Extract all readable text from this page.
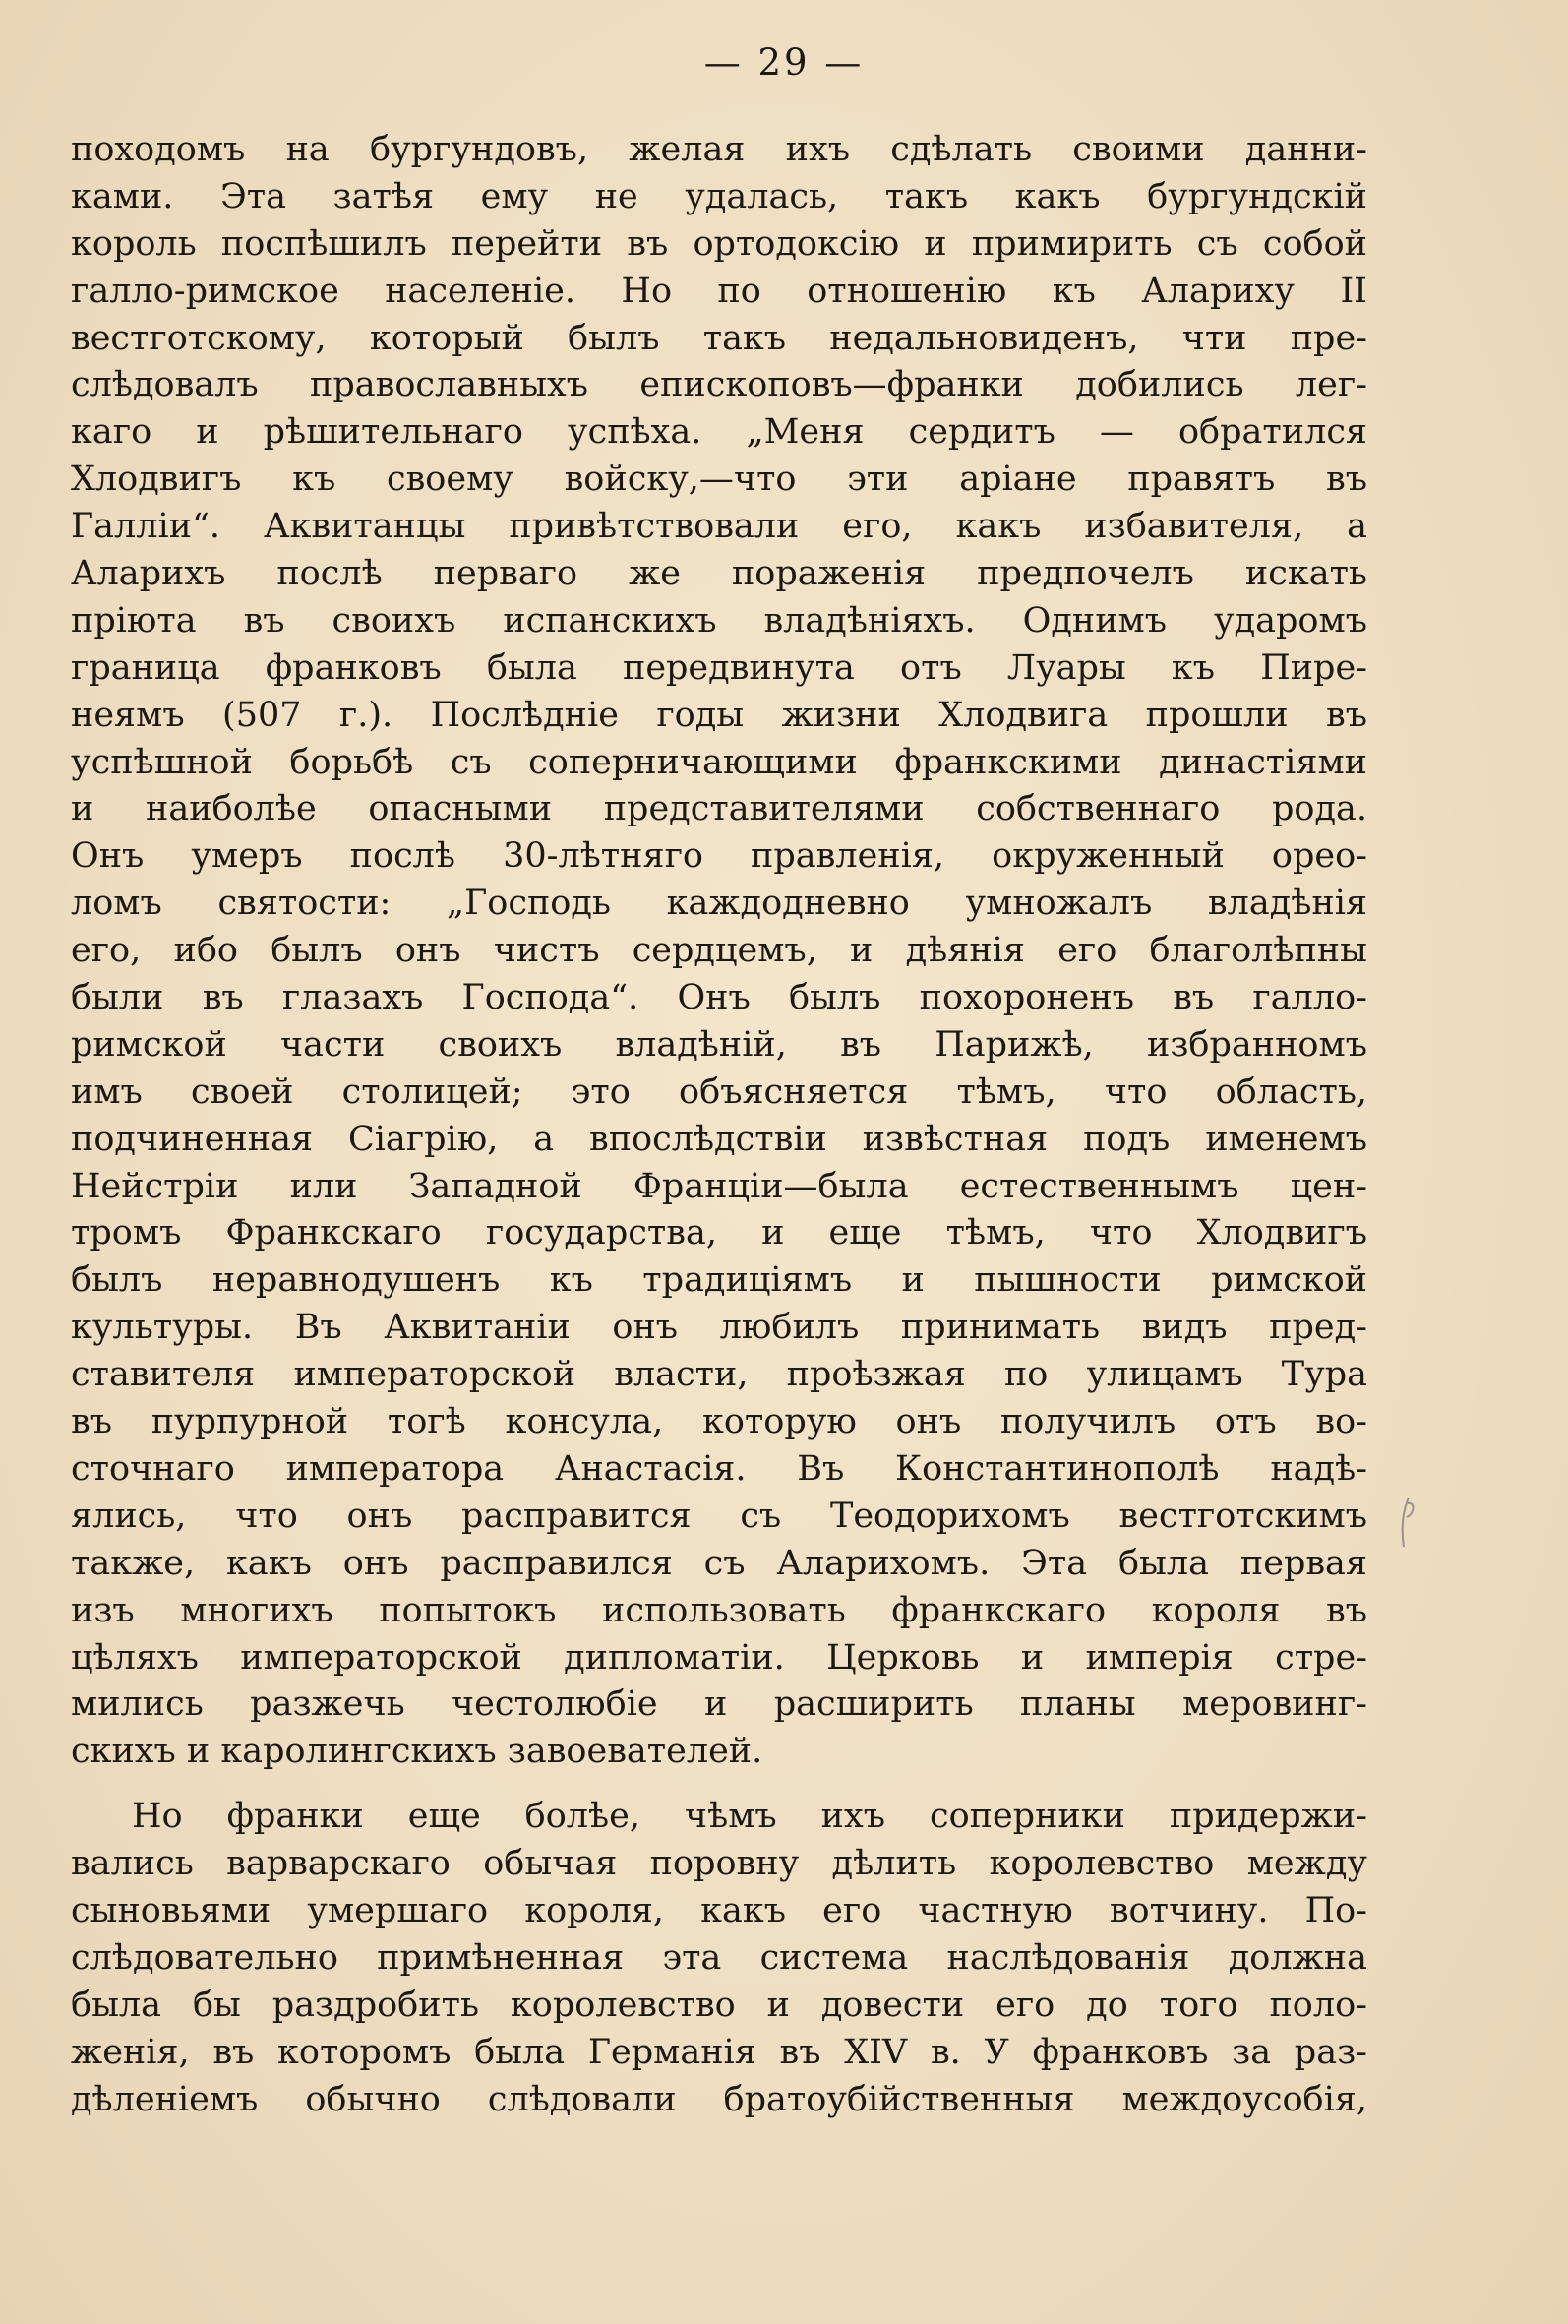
— 29 —

походомъ на бургундовъ, желая ихъ сдѣлать своими данни-
ками. Эта затѣя ему не удалась, такъ какъ бургундскій
король поспѣшилъ перейти въ ортодоксію и примирить съ собой
галло-римское населеніе. Но по отношенію къ Алариху II
вестготскому, который былъ такъ недальновиденъ, чти пре-
слѣдовалъ православныхъ епископовъ—франки добились лег-
каго и рѣшительнаго успѣха. „Меня сердитъ — обратился
Хлодвигъ къ своему войску,—что эти аріане правятъ въ
Галліи“. Аквитанцы привѣтствовали его, какъ избавителя, а
Аларихъ послѣ перваго же пораженія предпочелъ искать
пріюта въ своихъ испанскихъ владѣніяхъ. Однимъ ударомъ
граница франковъ была передвинута отъ Луары къ Пире-
неямъ (507 г.). Послѣдніе годы жизни Хлодвига прошли въ
успѣшной борьбѣ съ соперничающими франкскими династіями
и наиболѣе опасными представителями собственнаго рода.
Онъ умеръ послѣ 30-лѣтняго правленія, окруженный орео-
ломъ святости: „Господь каждодневно умножалъ владѣнія
его, ибо былъ онъ чистъ сердцемъ, и дѣянія его благолѣпны
были въ глазахъ Господа“. Онъ былъ похороненъ въ галло-
римской части своихъ владѣній, въ Парижѣ, избранномъ
имъ своей столицей; это объясняется тѣмъ, что область,
подчиненная Сіагрію, а впослѣдствіи извѣстная подъ именемъ
Нейстріи или Западной Франціи—была естественнымъ цен-
тромъ Франкскаго государства, и еще тѣмъ, что Хлодвигъ
былъ неравнодушенъ къ традиціямъ и пышности римской
культуры. Въ Аквитаніи онъ любилъ принимать видъ пред-
ставителя императорской власти, проѣзжая по улицамъ Тура
въ пурпурной тогѣ консула, которую онъ получилъ отъ во-
сточнаго императора Анастасія. Въ Константинополѣ надѣ-
ялись, что онъ расправится съ Теодорихомъ вестготскимъ
также, какъ онъ расправился съ Аларихомъ. Эта была первая
изъ многихъ попытокъ использовать франкскаго короля въ
цѣляхъ императорской дипломатіи. Церковь и имперія стре-
мились разжечь честолюбіе и расширить планы меровинг-
скихъ и каролингскихъ завоевателей.
Но франки еще болѣе, чѣмъ ихъ соперники придержи-
вались варварскаго обычая поровну дѣлить королевство между
сыновьями умершаго короля, какъ его частную вотчину. По-
слѣдовательно примѣненная эта система наслѣдованія должна
была бы раздробить королевство и довести его до того поло-
женія, въ которомъ была Германія въ XIV в. У франковъ за раз-
дѣленіемъ обычно слѣдовали братоубійственныя междоусобія,
